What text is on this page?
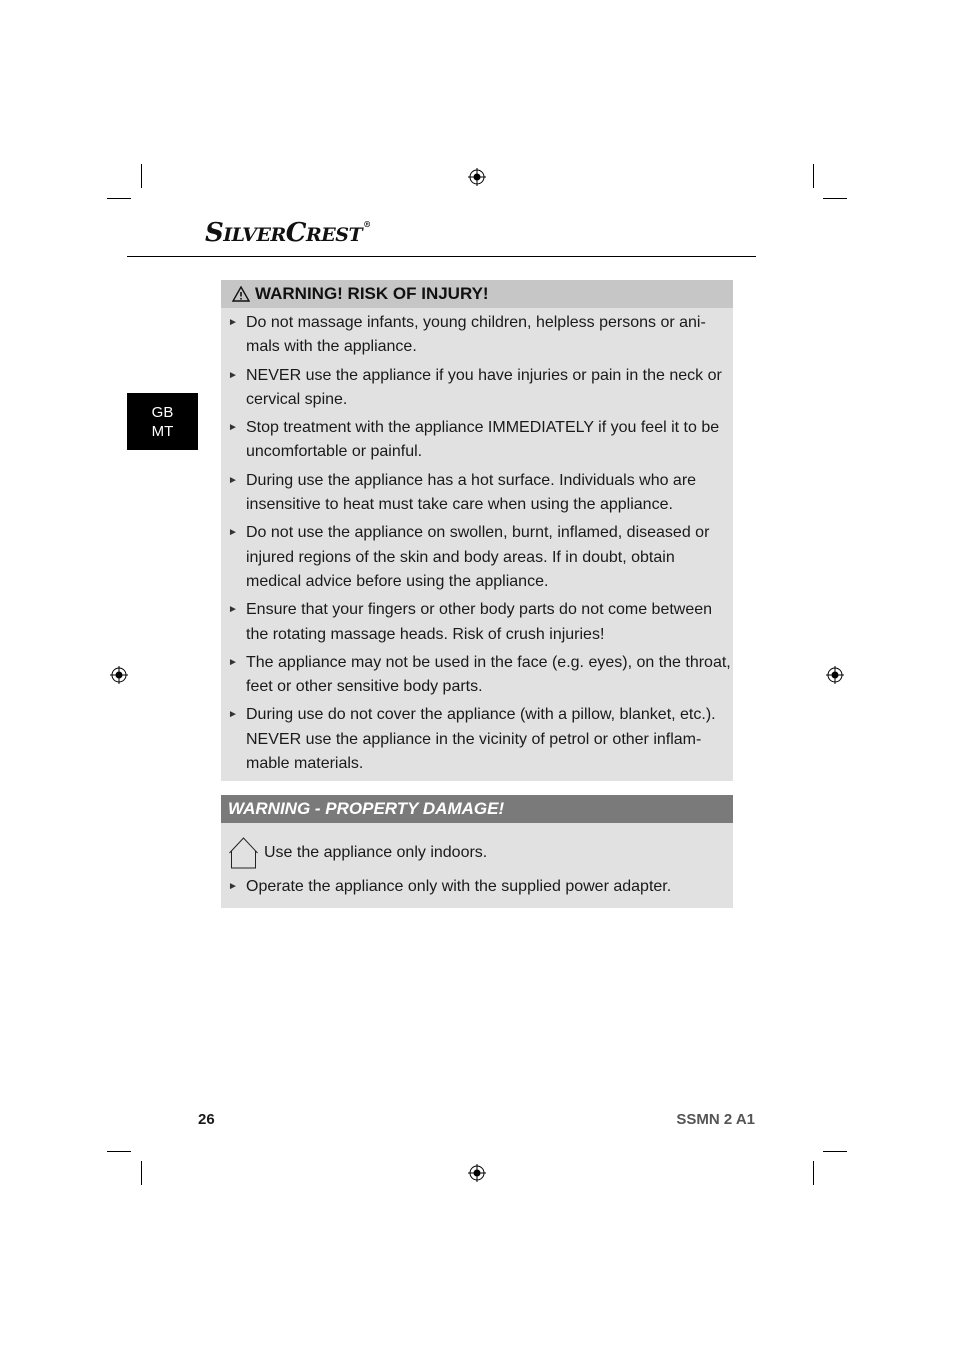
SILVERCREST®
GB
MT
WARNING! RISK OF INJURY!
► Do not massage infants, young children, helpless persons or ani-mals with the appliance.
► NEVER use the appliance if you have injuries or pain in the neck or cervical spine.
► Stop treatment with the appliance IMMEDIATELY if you feel it to be uncomfortable or painful.
► During use the appliance has a hot surface. Individuals who are insensitive to heat must take care when using the appliance.
► Do not use the appliance on swollen, burnt, inflamed, diseased or injured regions of the skin and body areas. If in doubt, obtain medical advice before using the appliance.
► Ensure that your fingers or other body parts do not come between the rotating massage heads. Risk of crush injuries!
► The appliance may not be used in the face (e.g. eyes), on the throat, feet or other sensitive body parts.
► During use do not cover the appliance (with a pillow, blanket, etc.). NEVER use the appliance in the vicinity of petrol or other inflam-mable materials.
WARNING - PROPERTY DAMAGE!
Use the appliance only indoors.
► Operate the appliance only with the supplied power adapter.
26	SSMN 2 A1
